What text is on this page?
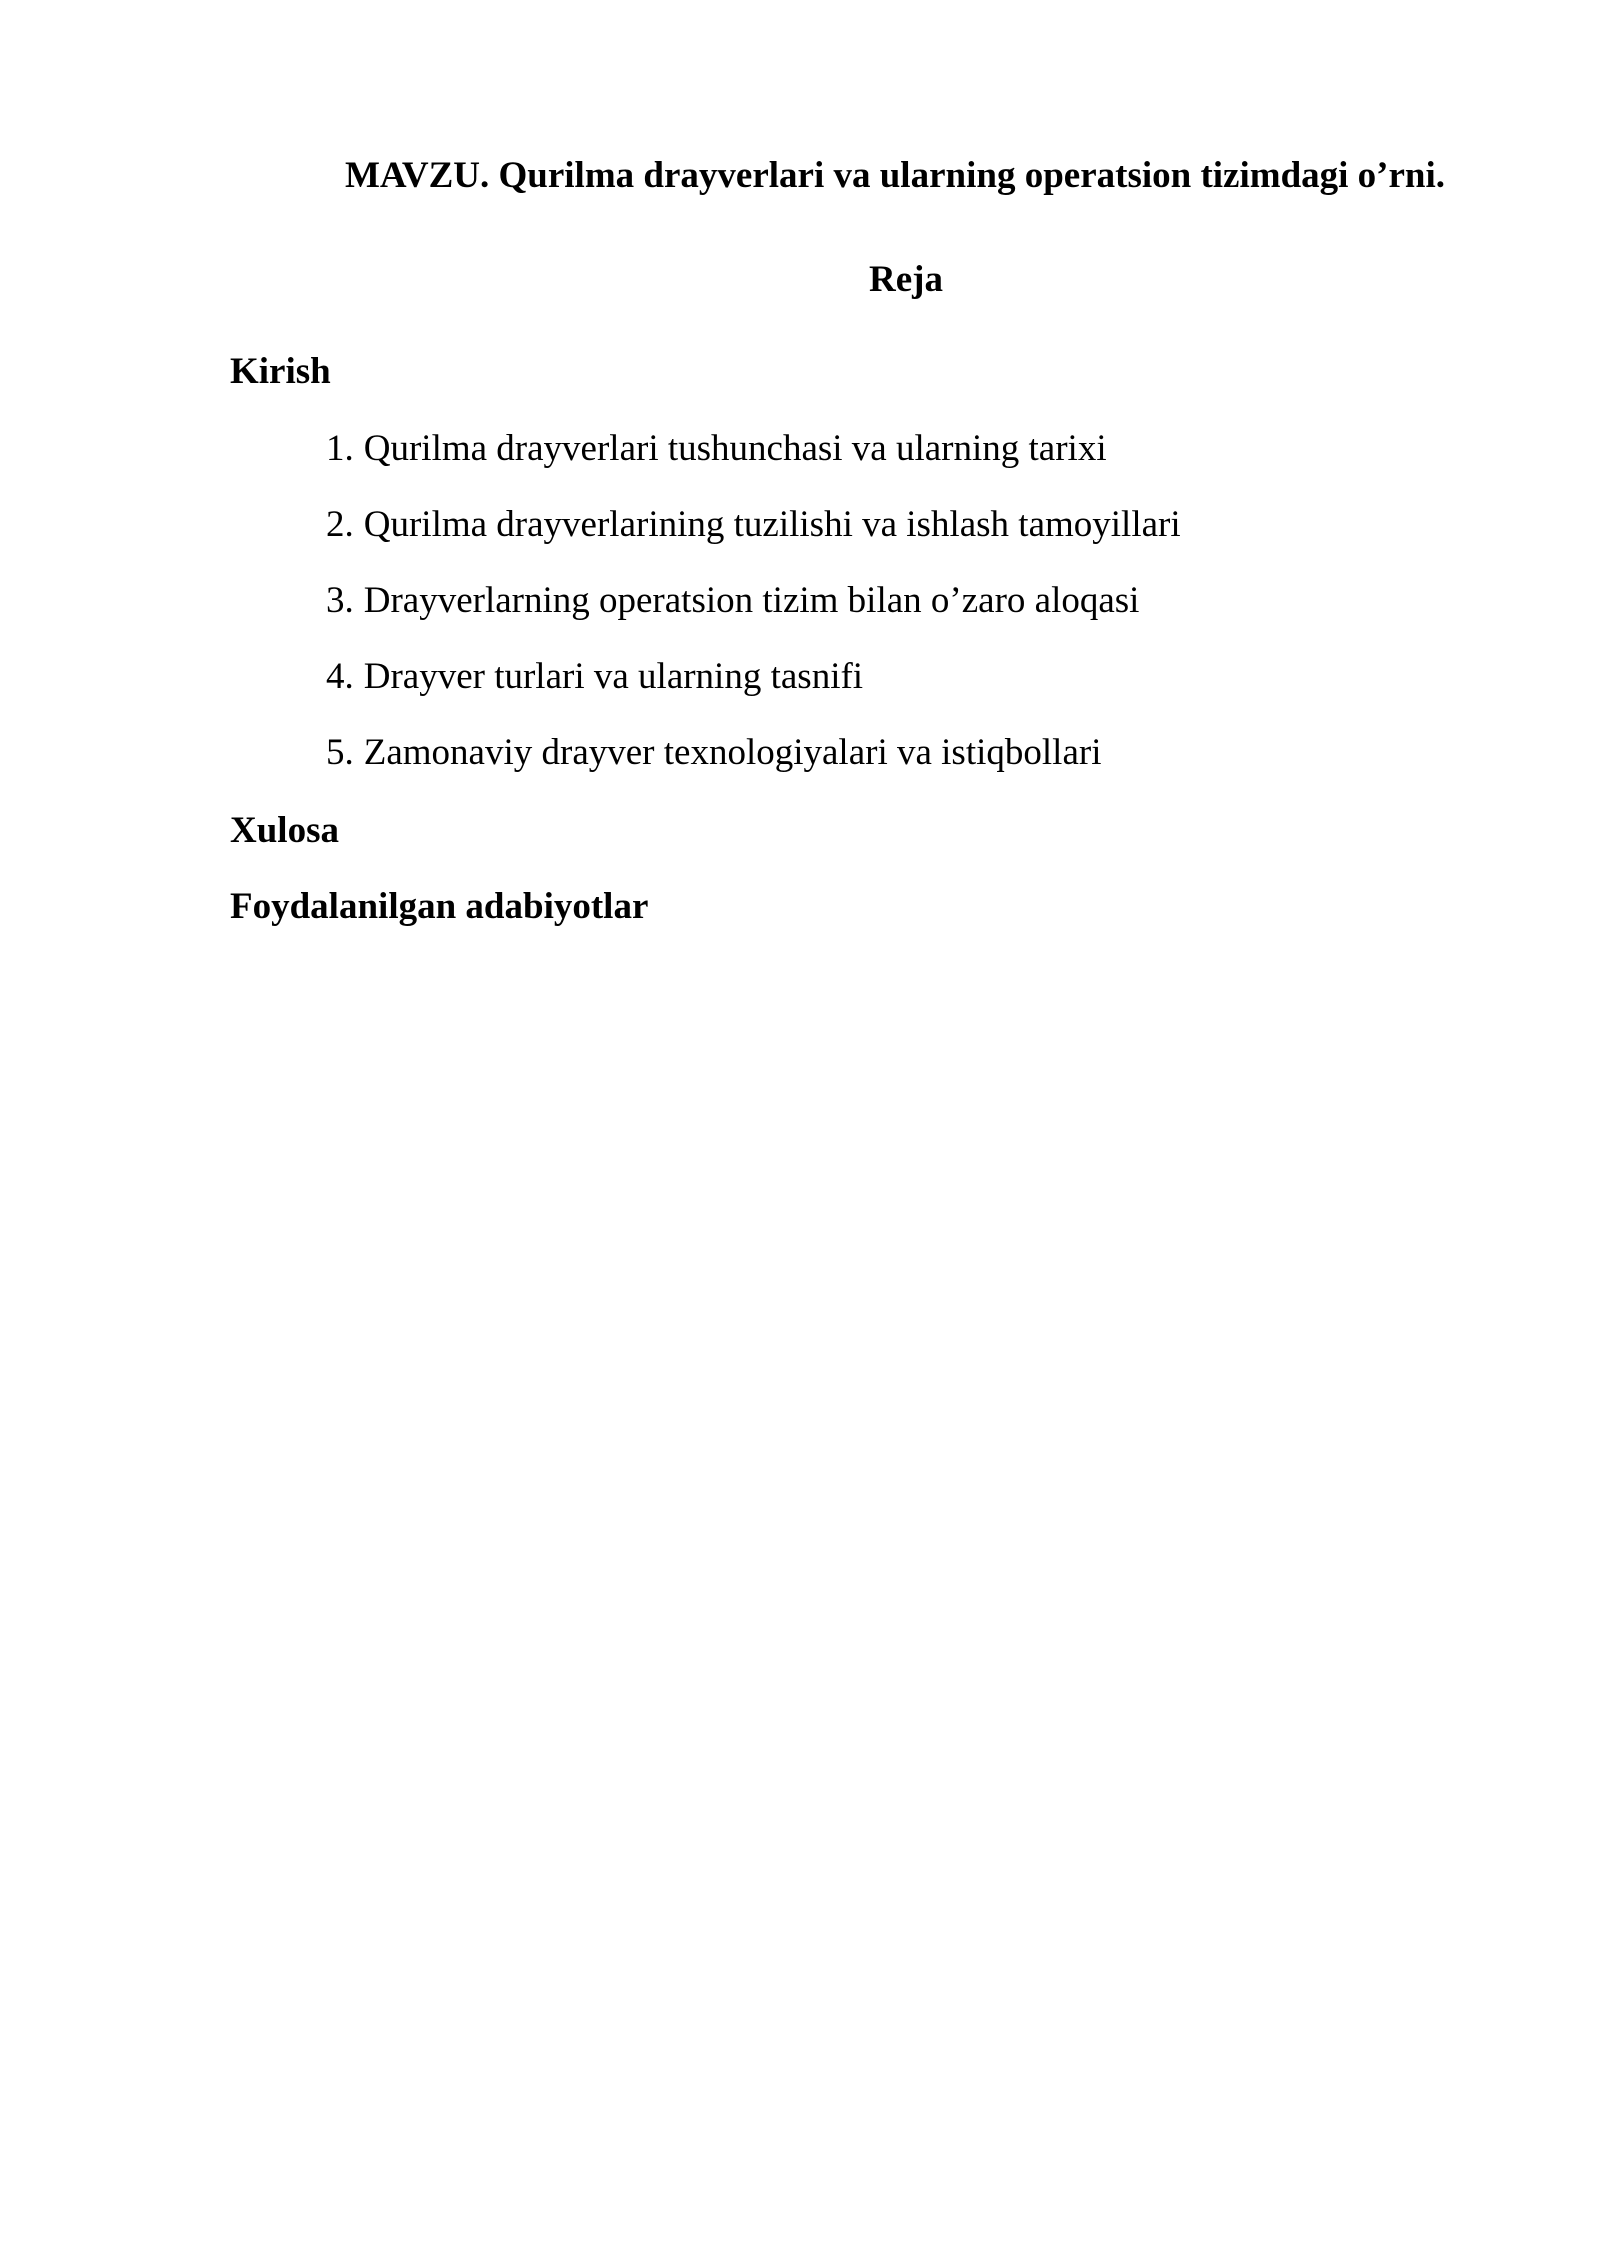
MAVZU. Qurilma drayverlari va ularning operatsion tizimdagi o’rni.
Reja
Kirish
1. Qurilma drayverlari tushunchasi va ularning tarixi
2. Qurilma drayverlarining tuzilishi va ishlash tamoyillari
3. Drayverlarning operatsion tizim bilan o’zaro aloqasi
4. Drayver turlari va ularning tasnifi
5. Zamonaviy drayver texnologiyalari va istiqbollari
Xulosa
Foydalanilgan adabiyotlar
